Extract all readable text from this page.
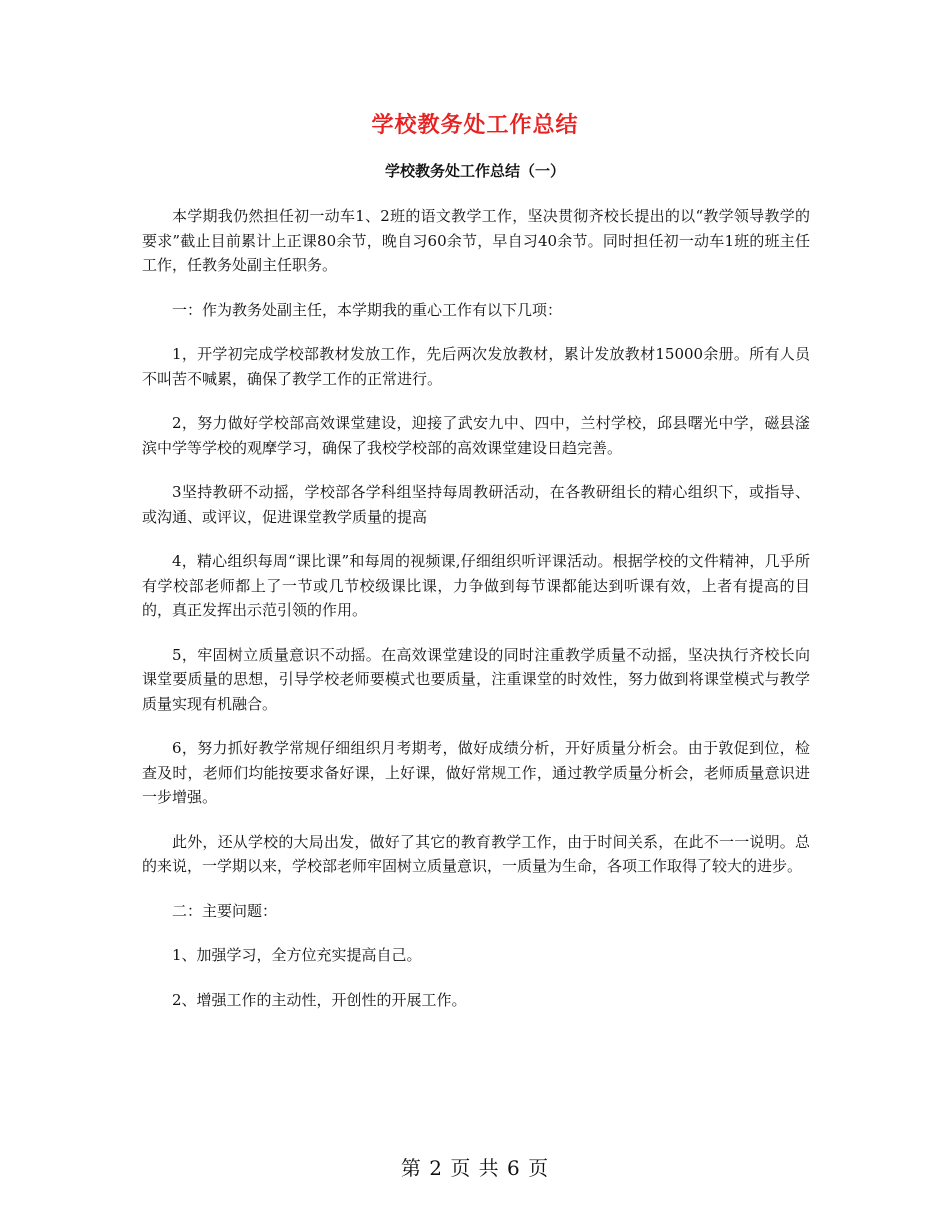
学校教务处工作总结
学校教务处工作总结（一）

本学期我仍然担任初一动车1、2班的语文教学工作，坚决贯彻齐校长提出的以“教学领导教学的要求”截止目前累计上正课80余节，晚自习60余节，早自习40余节。同时担任初一动车1班的班主任工作，任教务处副主任职务。

一：作为教务处副主任，本学期我的重心工作有以下几项：

1，开学初完成学校部教材发放工作，先后两次发放教材，累计发放教材15000余册。所有人员不叫苦不喊累，确保了教学工作的正常进行。

2，努力做好学校部高效课堂建设，迎接了武安九中、四中，兰村学校，邱县曙光中学，磁县滏滨中学等学校的观摩学习，确保了我校学校部的高效课堂建设日趋完善。

3坚持教研不动摇，学校部各学科组坚持每周教研活动，在各教研组长的精心组织下，或指导、或沟通、或评议，促进课堂教学质量的提高

4，精心组织每周“课比课”和每周的视频课,仔细组织听评课活动。根据学校的文件精神，几乎所有学校部老师都上了一节或几节校级课比课，力争做到每节课都能达到听课有效，上者有提高的目的，真正发挥出示范引领的作用。

5，牢固树立质量意识不动摇。在高效课堂建设的同时注重教学质量不动摇，坚决执行齐校长向课堂要质量的思想，引导学校老师要模式也要质量，注重课堂的时效性，努力做到将课堂模式与教学质量实现有机融合。

6，努力抓好教学常规仔细组织月考期考，做好成绩分析，开好质量分析会。由于敦促到位，检查及时，老师们均能按要求备好课，上好课，做好常规工作，通过教学质量分析会，老师质量意识进一步增强。

此外，还从学校的大局出发，做好了其它的教育教学工作，由于时间关系，在此不一一说明。总的来说，一学期以来，学校部老师牢固树立质量意识，一质量为生命，各项工作取得了较大的进步。

二：主要问题：

1、加强学习，全方位充实提高自己。

2、增强工作的主动性，开创性的开展工作。

第 2 页 共 6 页
